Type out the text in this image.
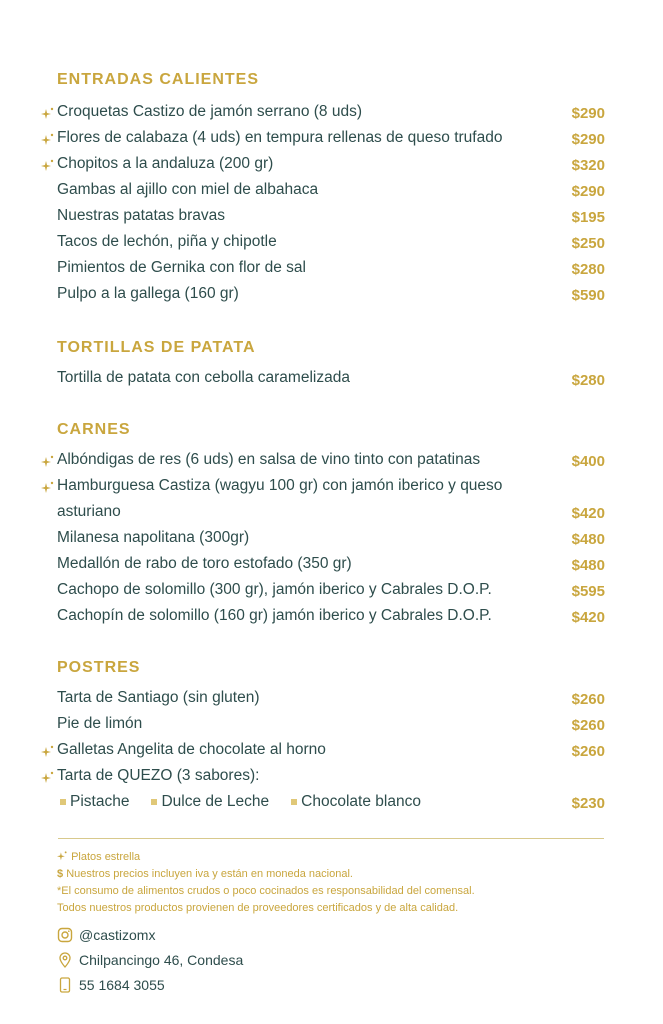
ENTRADAS CALIENTES
TORTILLAS DE PATATA
CARNES
POSTRES
Croquetas Castizo de jamón serrano (8 uds)	$290
Flores de calabaza (4 uds) en tempura rellenas de queso trufado	$290
Chopitos a la andaluza (200 gr)	$320
Gambas al ajillo con miel de albahaca	$290
Nuestras patatas bravas	$195
Tacos de lechón, piña y chipotle	$250
Pimientos de Gernika con flor de sal	$280
Pulpo a la gallega (160 gr)	$590
Tortilla de patata con cebolla caramelizada	$280
Albóndigas de res (6 uds) en salsa de vino tinto con patatinas	$400
Hamburguesa Castiza (wagyu 100 gr) con jamón iberico y queso
asturiano	$420
Milanesa napolitana (300gr)	$480
Medallón de rabo de toro estofado (350 gr)	$480
Cachopo de solomillo (300 gr), jamón iberico y Cabrales D.O.P.	$595
Cachopín de solomillo (160 gr) jamón iberico y Cabrales D.O.P.	$420
Tarta de Santiago (sin gluten)	$260
Pie de limón	$260
Galletas Angelita de chocolate al horno	$260
Tarta de QUEZO (3 sabores):
Pistache Dulce de Leche Chocolate blanco	$230
Platos estrella
$ Nuestros precios incluyen iva y están en moneda nacional.
*El consumo de alimentos crudos o poco cocinados es responsabilidad del comensal.
Todos nuestros productos provienen de proveedores certificados y de alta calidad.
@castizomx
Chilpancingo 46, Condesa
55 1684 3055
